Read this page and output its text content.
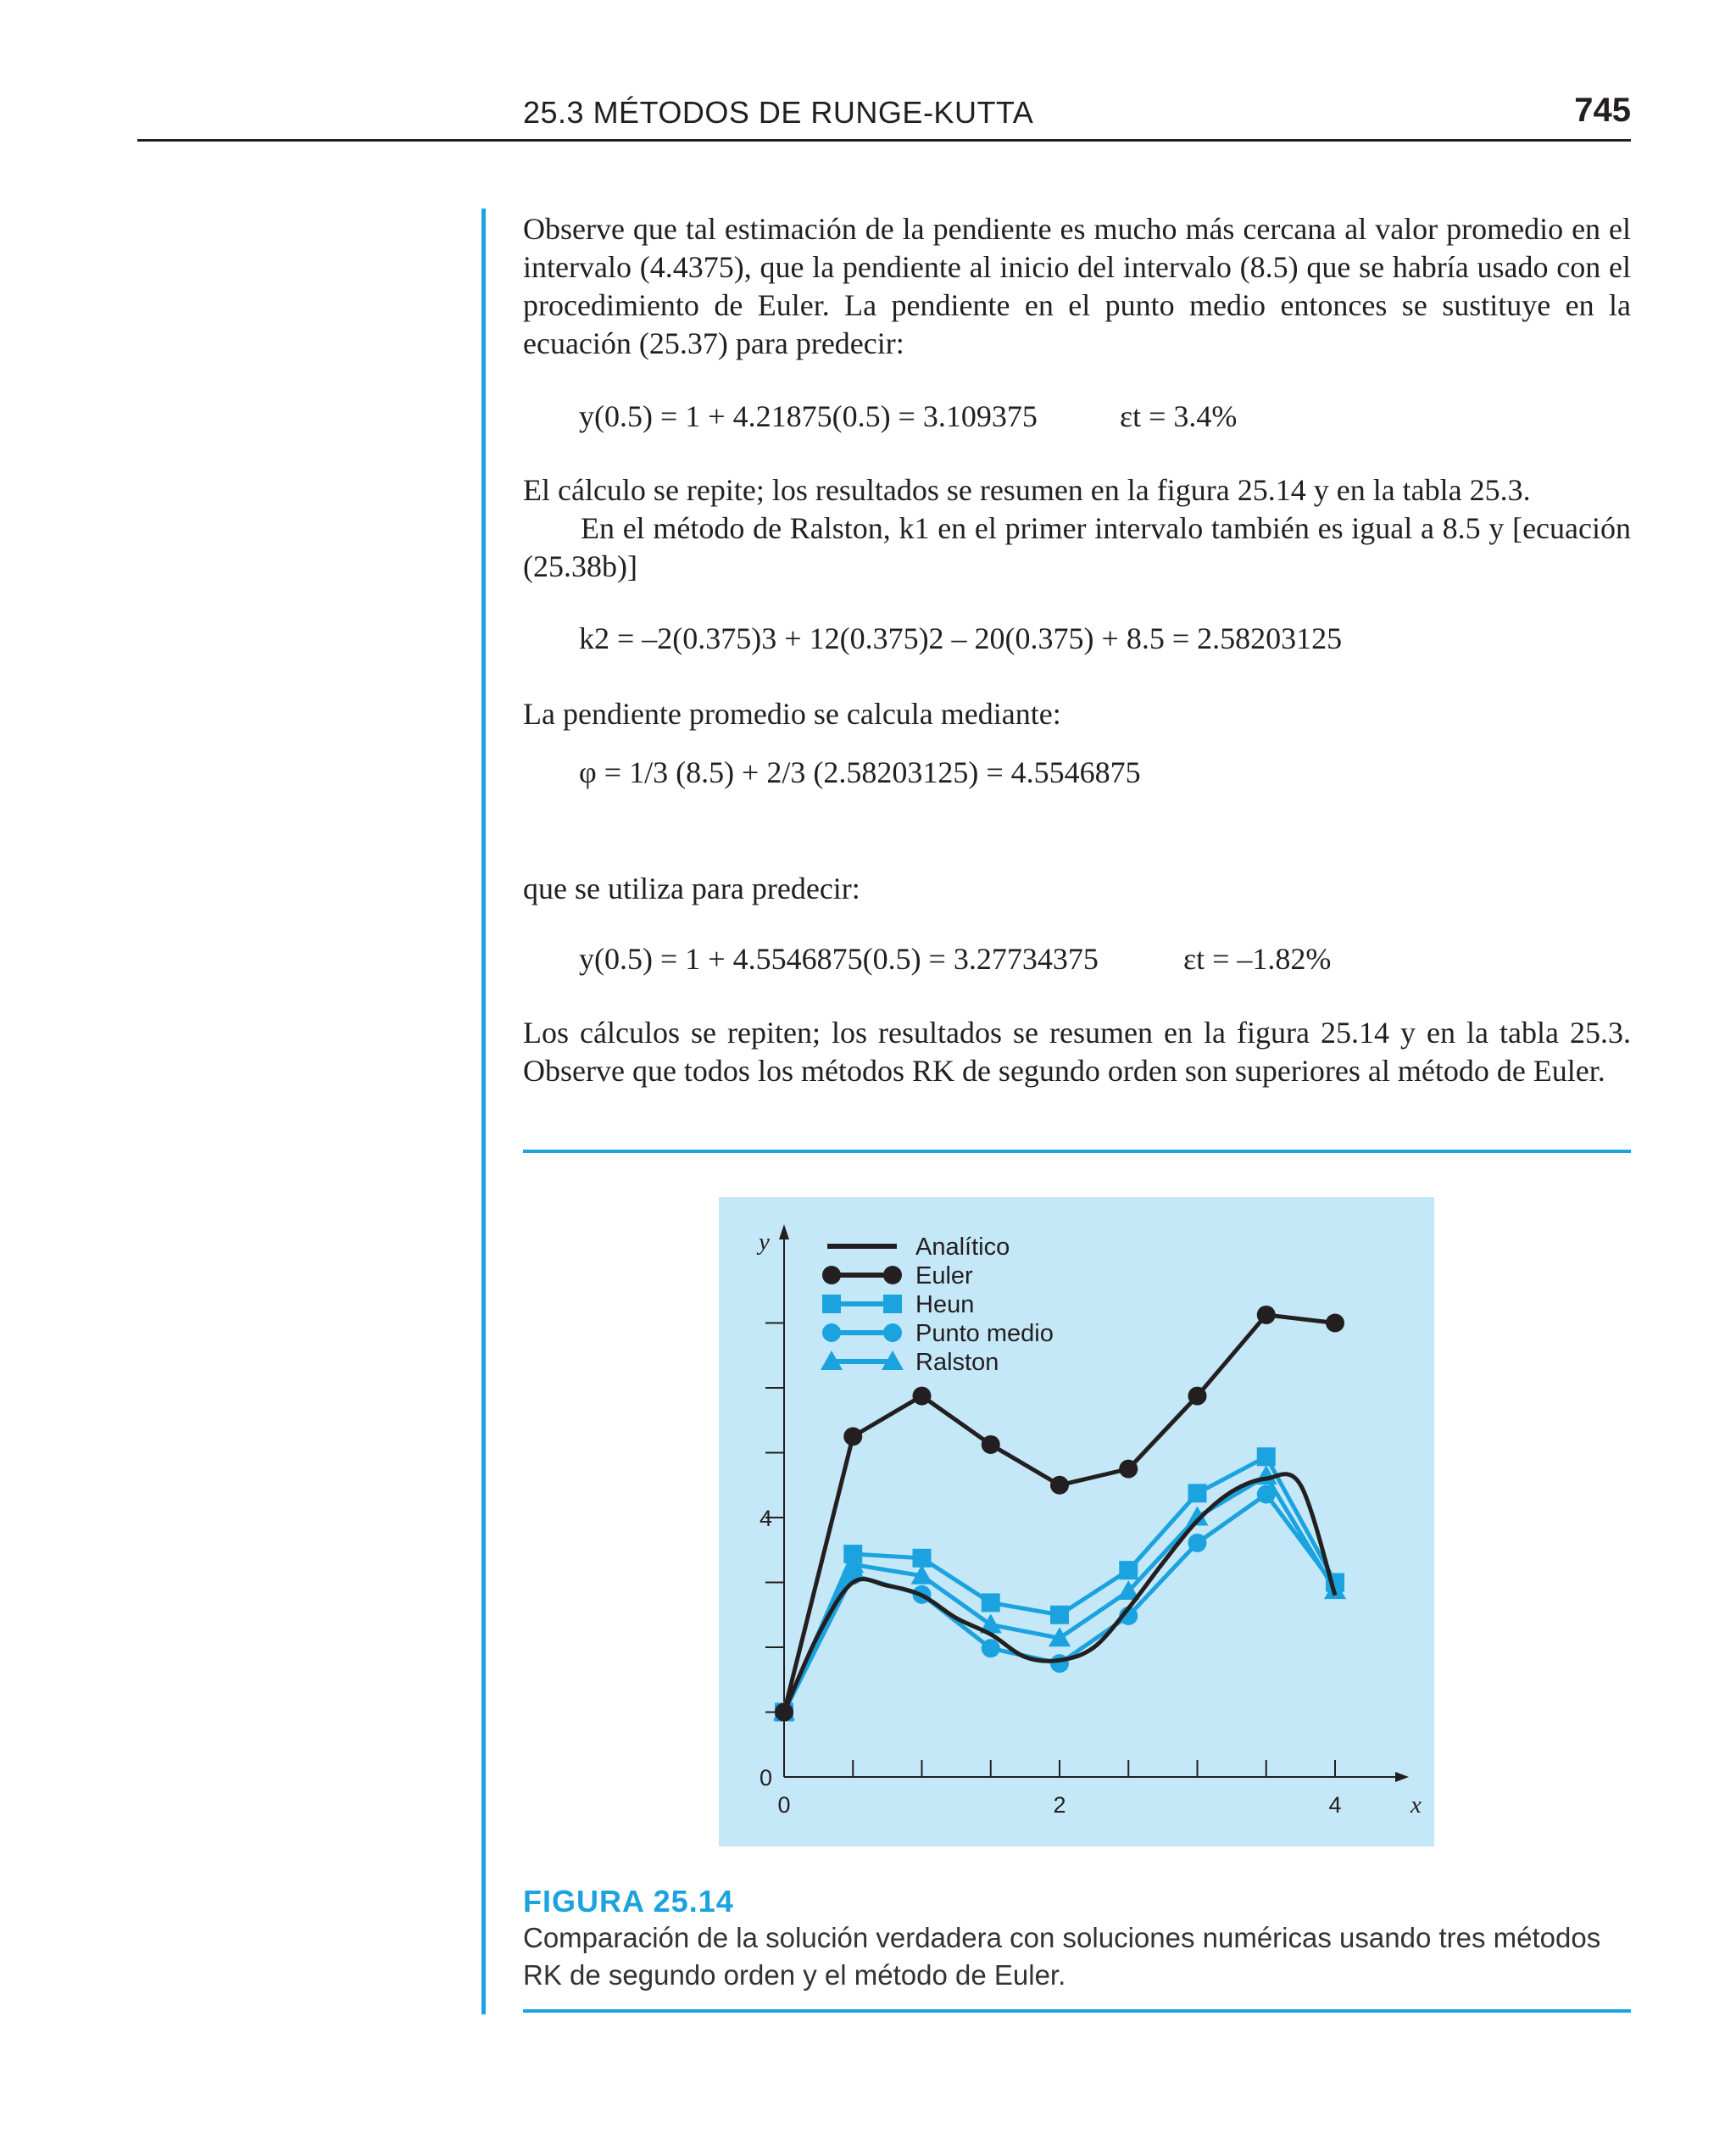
25.3 MÉTODOS DE RUNGE-KUTTA	745
Observe que tal estimación de la pendiente es mucho más cercana al valor promedio en el intervalo (4.4375), que la pendiente al inicio del intervalo (8.5) que se habría usado con el procedimiento de Euler. La pendiente en el punto medio entonces se sustituye en la ecuación (25.37) para predecir:
y(0.5) = 1 + 4.21875(0.5) = 3.109375	εt = 3.4%
El cálculo se repite; los resultados se resumen en la figura 25.14 y en la tabla 25.3.
En el método de Ralston, k1 en el primer intervalo también es igual a 8.5 y [ecuación (25.38b)]
k2 = –2(0.375)3 + 12(0.375)2 – 20(0.375) + 8.5 = 2.58203125
La pendiente promedio se calcula mediante:
φ = 1/3 (8.5) + 2/3 (2.58203125) = 4.5546875
que se utiliza para predecir:
y(0.5) = 1 + 4.5546875(0.5) = 3.27734375	εt = –1.82%
Los cálculos se repiten; los resultados se resumen en la figura 25.14 y en la tabla 25.3. Observe que todos los métodos RK de segundo orden son superiores al método de Euler.
0	2	4
0
4
x
y	Analítico
Euler
Heun
Punto medio
Ralston
FIGURA 25.14
Comparación de la solución verdadera con soluciones numéricas usando tres métodos RK de segundo orden y el método de Euler.
